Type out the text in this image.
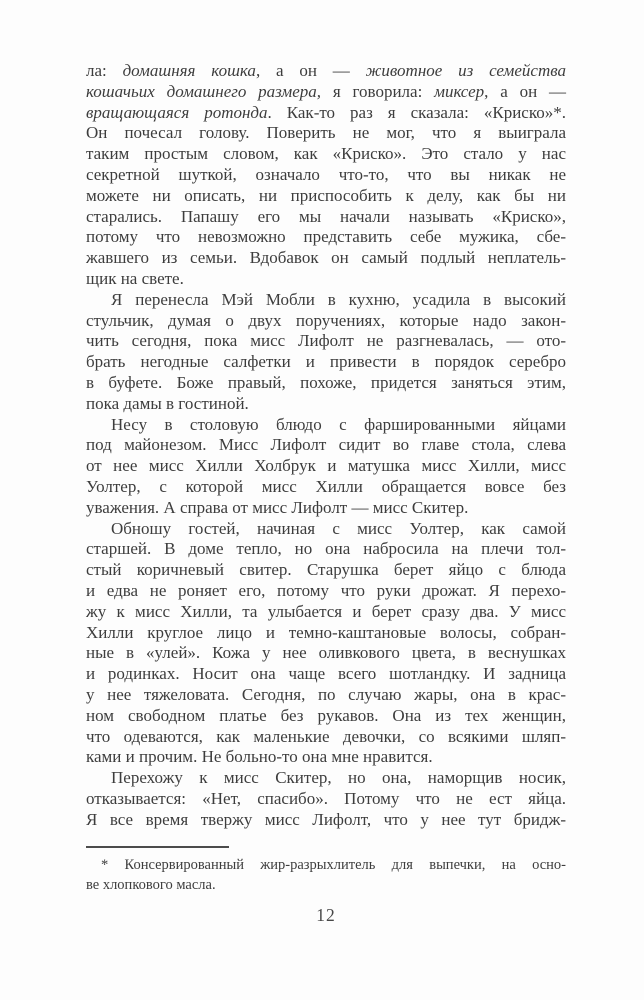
ла: домашняя кошка, а он — животное из семейства
кошачьих домашнего размера, я говорила: миксер, а он —
вращающаяся ротонда. Как-то раз я сказала: «Криско»*.
Он почесал голову. Поверить не мог, что я выиграла
таким простым словом, как «Криско». Это стало у нас
секретной шуткой, означало что-то, что вы никак не
можете ни описать, ни приспособить к делу, как бы ни
старались. Папашу его мы начали называть «Криско»,
потому что невозможно представить себе мужика, сбе-
жавшего из семьи. Вдобавок он самый подлый неплатель-
щик на свете.
Я перенесла Мэй Мобли в кухню, усадила в высокий
стульчик, думая о двух поручениях, которые надо закон-
чить сегодня, пока мисс Лифолт не разгневалась, — ото-
брать негодные салфетки и привести в порядок серебро
в буфете. Боже правый, похоже, придется заняться этим,
пока дамы в гостиной.
Несу в столовую блюдо с фаршированными яйцами
под майонезом. Мисс Лифолт сидит во главе стола, слева
от нее мисс Хилли Холбрук и матушка мисс Хилли, мисс
Уолтер, с которой мисс Хилли обращается вовсе без
уважения. А справа от мисс Лифолт — мисс Скитер.
Обношу гостей, начиная с мисс Уолтер, как самой
старшей. В доме тепло, но она набросила на плечи тол-
стый коричневый свитер. Старушка берет яйцо с блюда
и едва не роняет его, потому что руки дрожат. Я перехо-
жу к мисс Хилли, та улыбается и берет сразу два. У мисс
Хилли круглое лицо и темно-каштановые волосы, собран-
ные в «улей». Кожа у нее оливкового цвета, в веснушках
и родинках. Носит она чаще всего шотландку. И задница
у нее тяжеловата. Сегодня, по случаю жары, она в крас-
ном свободном платье без рукавов. Она из тех женщин,
что одеваются, как маленькие девочки, со всякими шляп-
ками и прочим. Не больно-то она мне нравится.
Перехожу к мисс Скитер, но она, наморщив носик,
отказывается: «Нет, спасибо». Потому что не ест яйца.
Я все время твержу мисс Лифолт, что у нее тут бридж-
* Консервированный жир-разрыхлитель для выпечки, на осно-
ве хлопкового масла.
12
